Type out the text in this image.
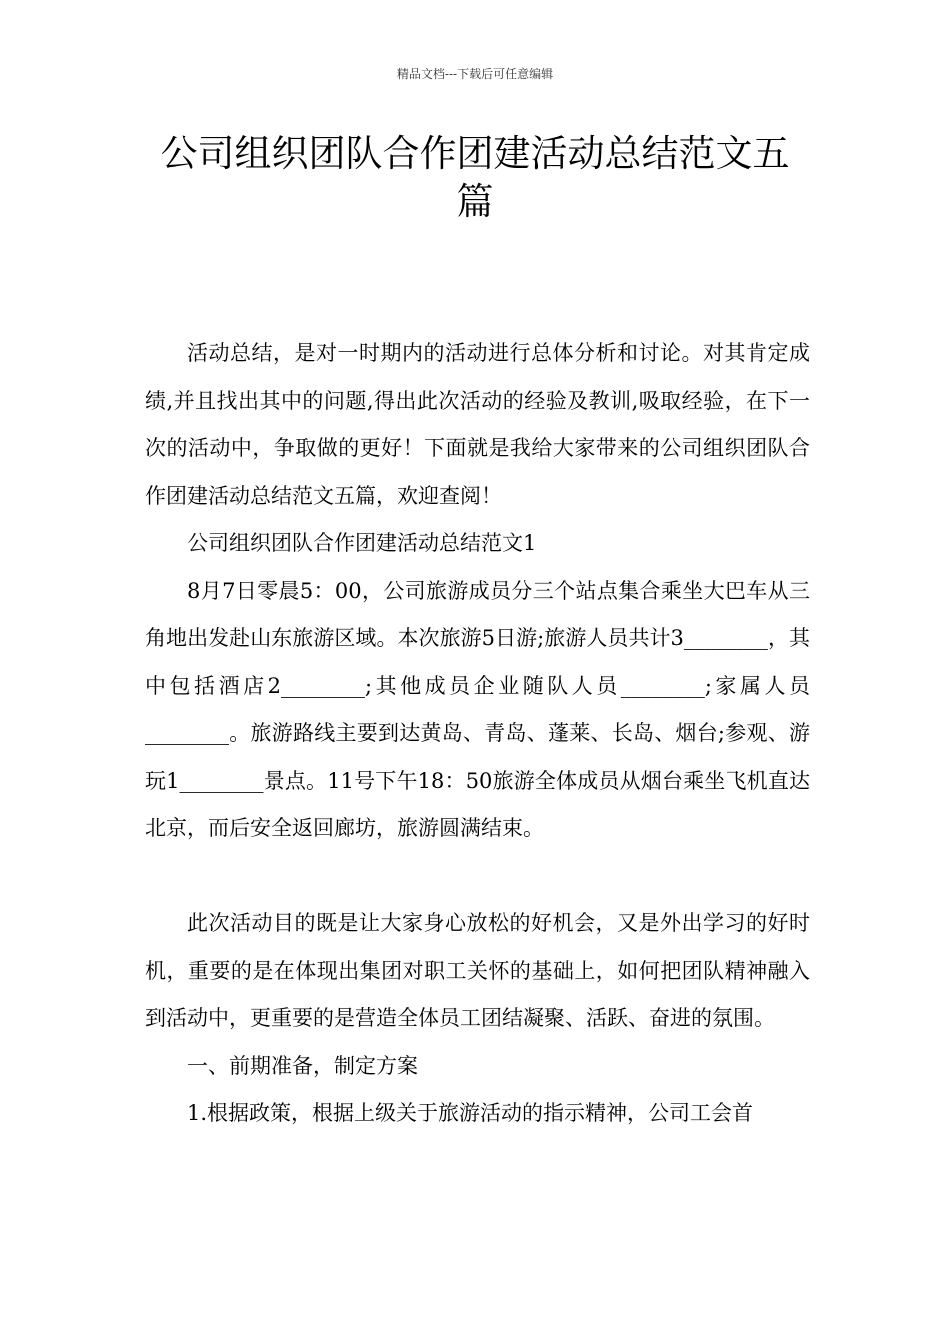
精品文档---下载后可任意编辑
公司组织团队合作团建活动总结范文五篇

活动总结，是对一时期内的活动进行总体分析和讨论。对其肯定成绩,并且找出其中的问题,得出此次活动的经验及教训,吸取经验，在下一次的活动中，争取做的更好！下面就是我给大家带来的公司组织团队合作团建活动总结范文五篇，欢迎查阅！

公司组织团队合作团建活动总结范文1

8月7日零晨5：00，公司旅游成员分三个站点集合乘坐大巴车从三角地出发赴山东旅游区域。本次旅游5日游;旅游人员共计3________，其中包括酒店2________;其他成员企业随队人员________;家属人员________。旅游路线主要到达黄岛、青岛、蓬莱、长岛、烟台;参观、游玩1________景点。11号下午18：50旅游全体成员从烟台乘坐飞机直达北京，而后安全返回廊坊，旅游圆满结束。

此次活动目的既是让大家身心放松的好机会，又是外出学习的好时机，重要的是在体现出集团对职工关怀的基础上，如何把团队精神融入到活动中，更重要的是营造全体员工团结凝聚、活跃、奋进的氛围。

一、前期准备，制定方案

1.根据政策，根据上级关于旅游活动的指示精神，公司工会首
